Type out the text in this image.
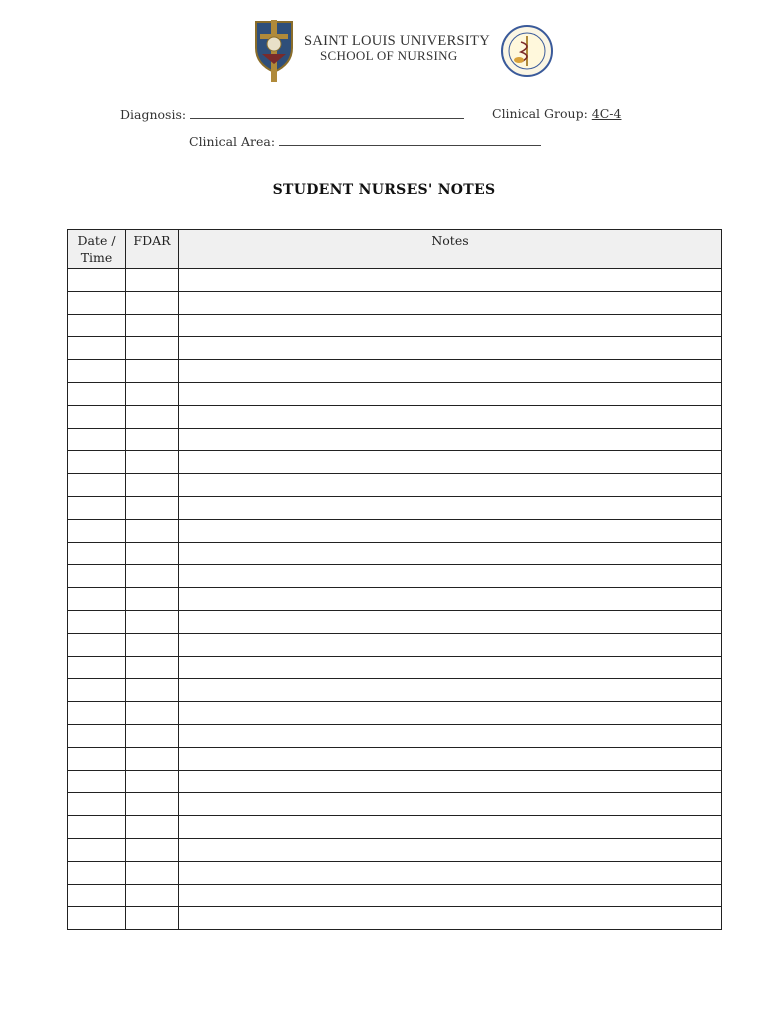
SAINT LOUIS UNIVERSITY
SCHOOL OF NURSING
Diagnosis:	Clinical Group: 4C-4
Clinical Area:
STUDENT NURSES' NOTES
Date / Time	FDAR	Notes
